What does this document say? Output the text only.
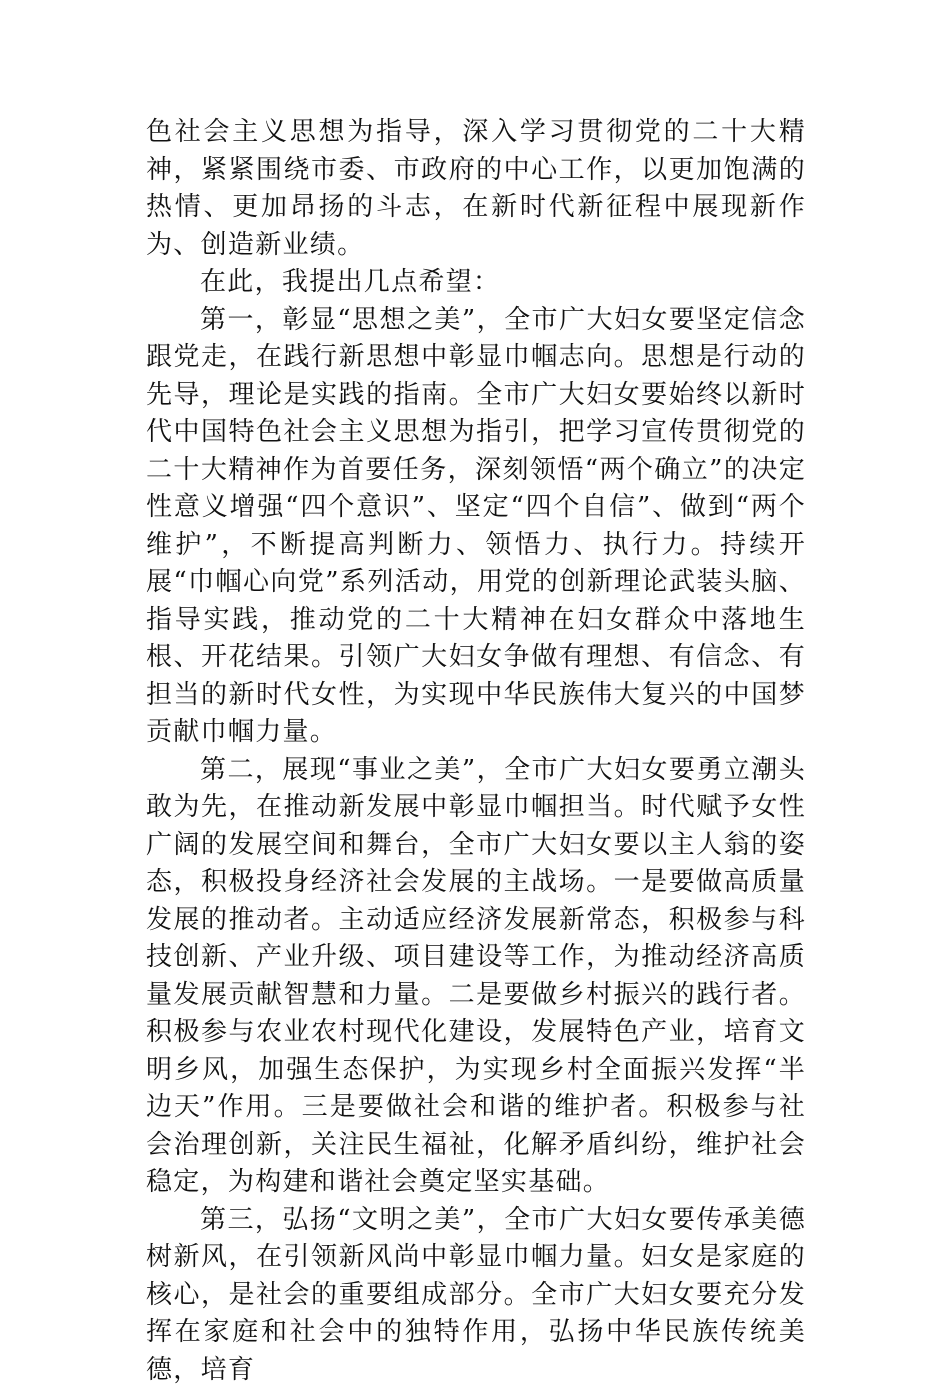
色社会主义思想为指导，深入学习贯彻党的二十大精神，紧紧围绕市委、市政府的中心工作，以更加饱满的热情、更加昂扬的斗志，在新时代新征程中展现新作为、创造新业绩。

在此，我提出几点希望：

第一，彰显“思想之美”，全市广大妇女要坚定信念跟党走，在践行新思想中彰显巾帼志向。思想是行动的先导，理论是实践的指南。全市广大妇女要始终以新时代中国特色社会主义思想为指引，把学习宣传贯彻党的二十大精神作为首要任务，深刻领悟“两个确立”的决定性意义增强“四个意识”、坚定“四个自信”、做到“两个维护”，不断提高判断力、领悟力、执行力。持续开展“巾帼心向党”系列活动，用党的创新理论武装头脑、指导实践，推动党的二十大精神在妇女群众中落地生根、开花结果。引领广大妇女争做有理想、有信念、有担当的新时代女性，为实现中华民族伟大复兴的中国梦贡献巾帼力量。

第二，展现“事业之美”，全市广大妇女要勇立潮头敢为先，在推动新发展中彰显巾帼担当。时代赋予女性广阔的发展空间和舞台，全市广大妇女要以主人翁的姿态，积极投身经济社会发展的主战场。一是要做高质量发展的推动者。主动适应经济发展新常态，积极参与科技创新、产业升级、项目建设等工作，为推动经济高质量发展贡献智慧和力量。二是要做乡村振兴的践行者。积极参与农业农村现代化建设，发展特色产业，培育文明乡风，加强生态保护，为实现乡村全面振兴发挥“半边天”作用。三是要做社会和谐的维护者。积极参与社会治理创新，关注民生福祉，化解矛盾纠纷，维护社会稳定，为构建和谐社会奠定坚实基础。

第三，弘扬“文明之美”，全市广大妇女要传承美德树新风，在引领新风尚中彰显巾帼力量。妇女是家庭的核心，是社会的重要组成部分。全市广大妇女要充分发挥在家庭和社会中的独特作用，弘扬中华民族传统美德，培育
